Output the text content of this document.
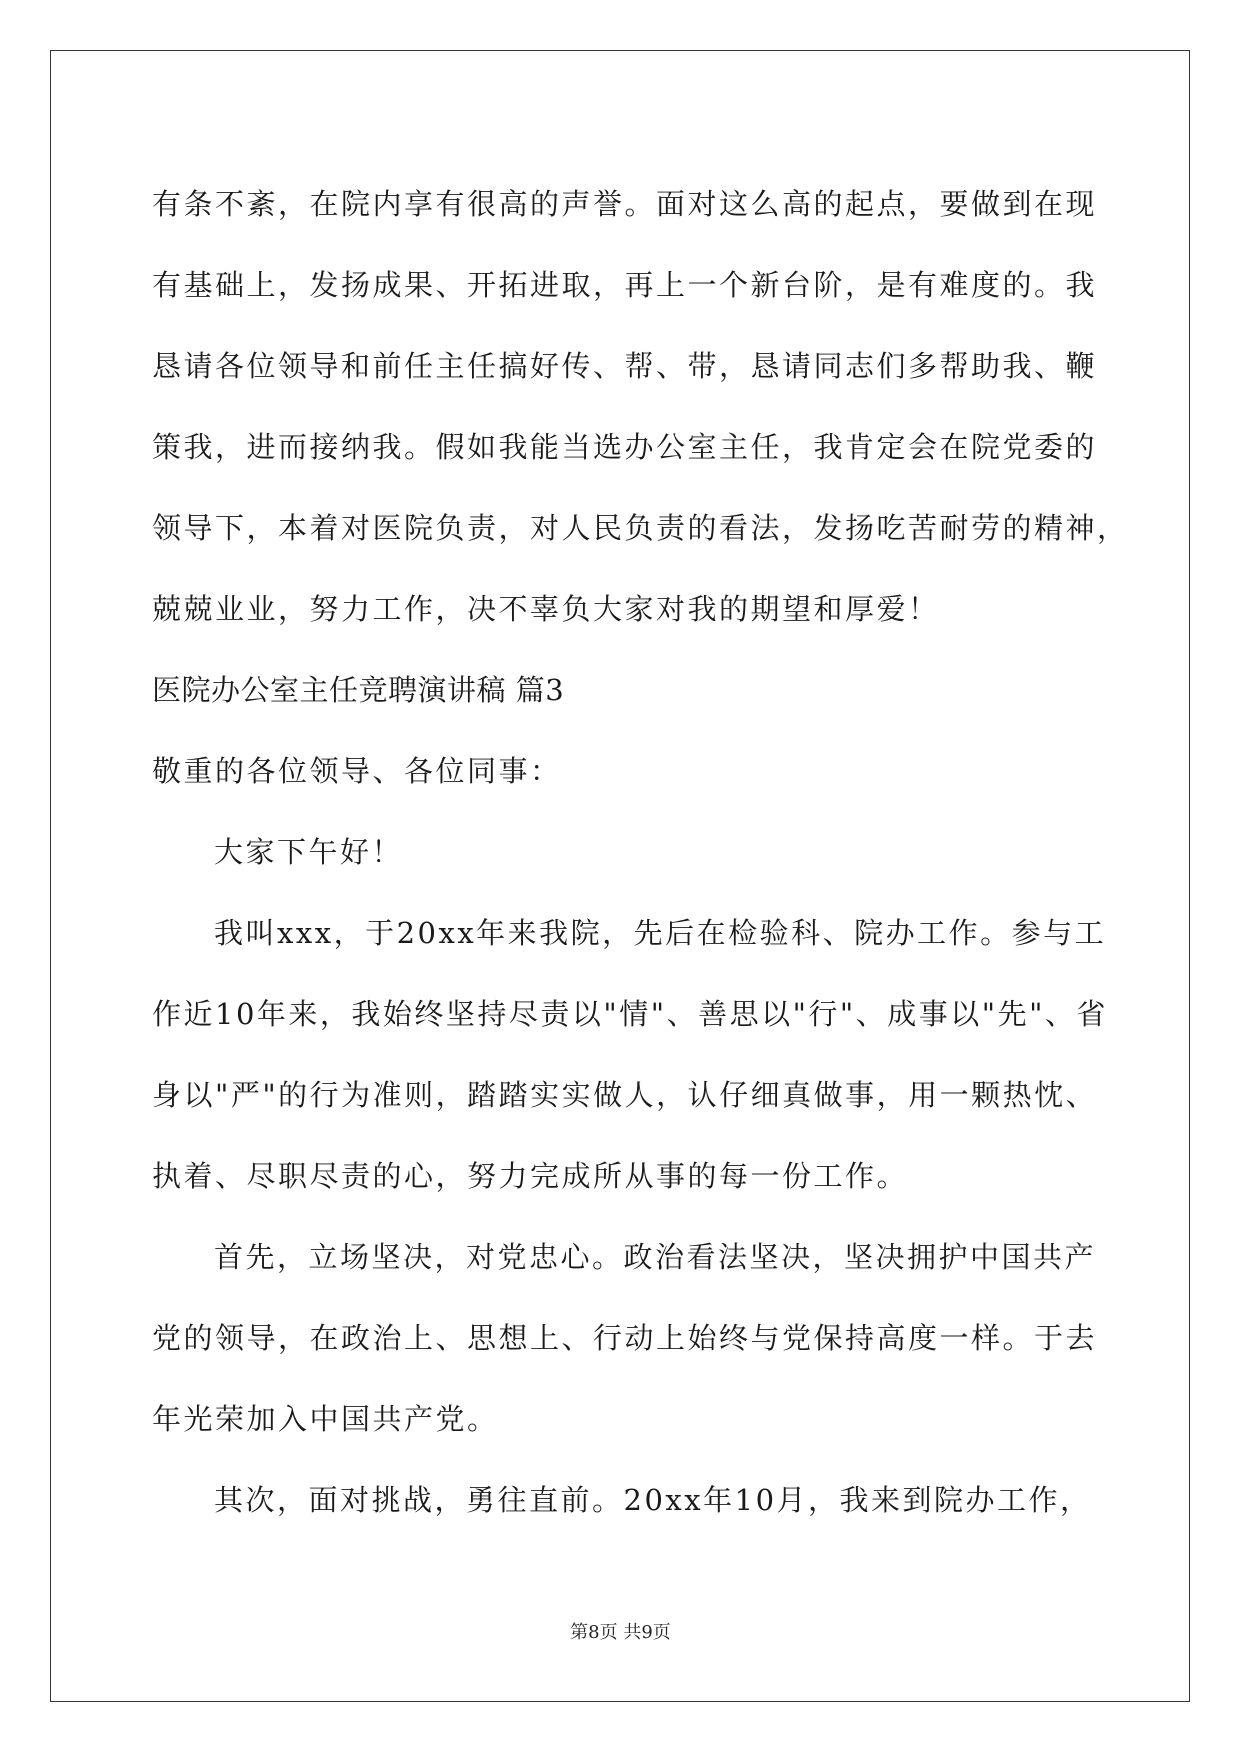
有条不紊，在院内享有很高的声誉。面对这么高的起点，要做到在现
有基础上，发扬成果、开拓进取，再上一个新台阶，是有难度的。我
恳请各位领导和前任主任搞好传、帮、带，恳请同志们多帮助我、鞭
策我，进而接纳我。假如我能当选办公室主任，我肯定会在院党委的
领导下，本着对医院负责，对人民负责的看法，发扬吃苦耐劳的精神，
兢兢业业，努力工作，决不辜负大家对我的期望和厚爱！
医院办公室主任竞聘演讲稿 篇3
敬重的各位领导、各位同事：
大家下午好！
我叫xxx，于20xx年来我院，先后在检验科、院办工作。参与工
作近10年来，我始终坚持尽责以"情"、善思以"行"、成事以"先"、省
身以"严"的行为准则，踏踏实实做人，认仔细真做事，用一颗热忱、
执着、尽职尽责的心，努力完成所从事的每一份工作。
首先，立场坚决，对党忠心。政治看法坚决，坚决拥护中国共产
党的领导，在政治上、思想上、行动上始终与党保持高度一样。于去
年光荣加入中国共产党。
其次，面对挑战，勇往直前。20xx年10月，我来到院办工作，
第8页 共9页
